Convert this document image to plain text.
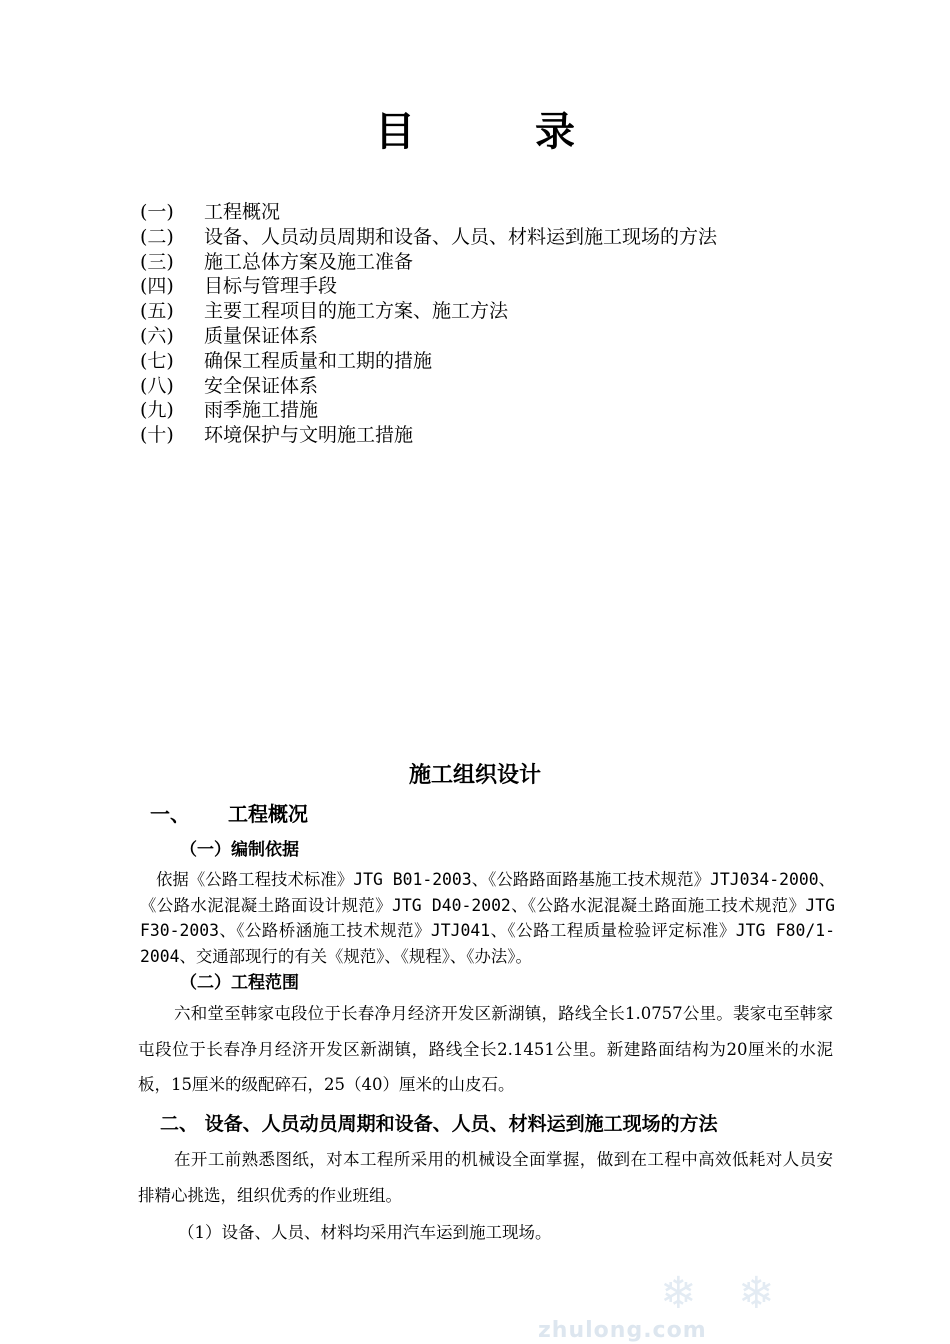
目	录
(一) 工程概况
(二) 设备、人员动员周期和设备、人员、材料运到施工现场的方法
(三) 施工总体方案及施工准备
(四) 目标与管理手段
(五) 主要工程项目的施工方案、施工方法
(六) 质量保证体系
(七) 确保工程质量和工期的措施
(八) 安全保证体系
(九) 雨季施工措施
(十) 环境保护与文明施工措施
施工组织设计
一、 工程概况
（一）编制依据
依据《公路工程技术标准》JTG B01-2003、《公路路面路基施工技术规范》JTJ034-2000、《公路水泥混凝土路面设计规范》JTG D40-2002、《公路水泥混凝土路面施工技术规范》JTG F30-2003、《公路桥涵施工技术规范》JTJ041、《公路工程质量检验评定标准》JTG F80/1-2004、交通部现行的有关《规范》、《规程》、《办法》。
（二）工程范围
六和堂至韩家屯段位于长春净月经济开发区新湖镇，路线全长1.0757公里。裴家屯至韩家屯段位于长春净月经济开发区新湖镇，路线全长2.1451公里。新建路面结构为20厘米的水泥板，15厘米的级配碎石，25（40）厘米的山皮石。
二、 设备、人员动员周期和设备、人员、材料运到施工现场的方法
在开工前熟悉图纸，对本工程所采用的机械设全面掌握，做到在工程中高效低耗对人员安排精心挑选，组织优秀的作业班组。
（1）设备、人员、材料均采用汽车运到施工现场。
❄ ❄
zhulong.com
